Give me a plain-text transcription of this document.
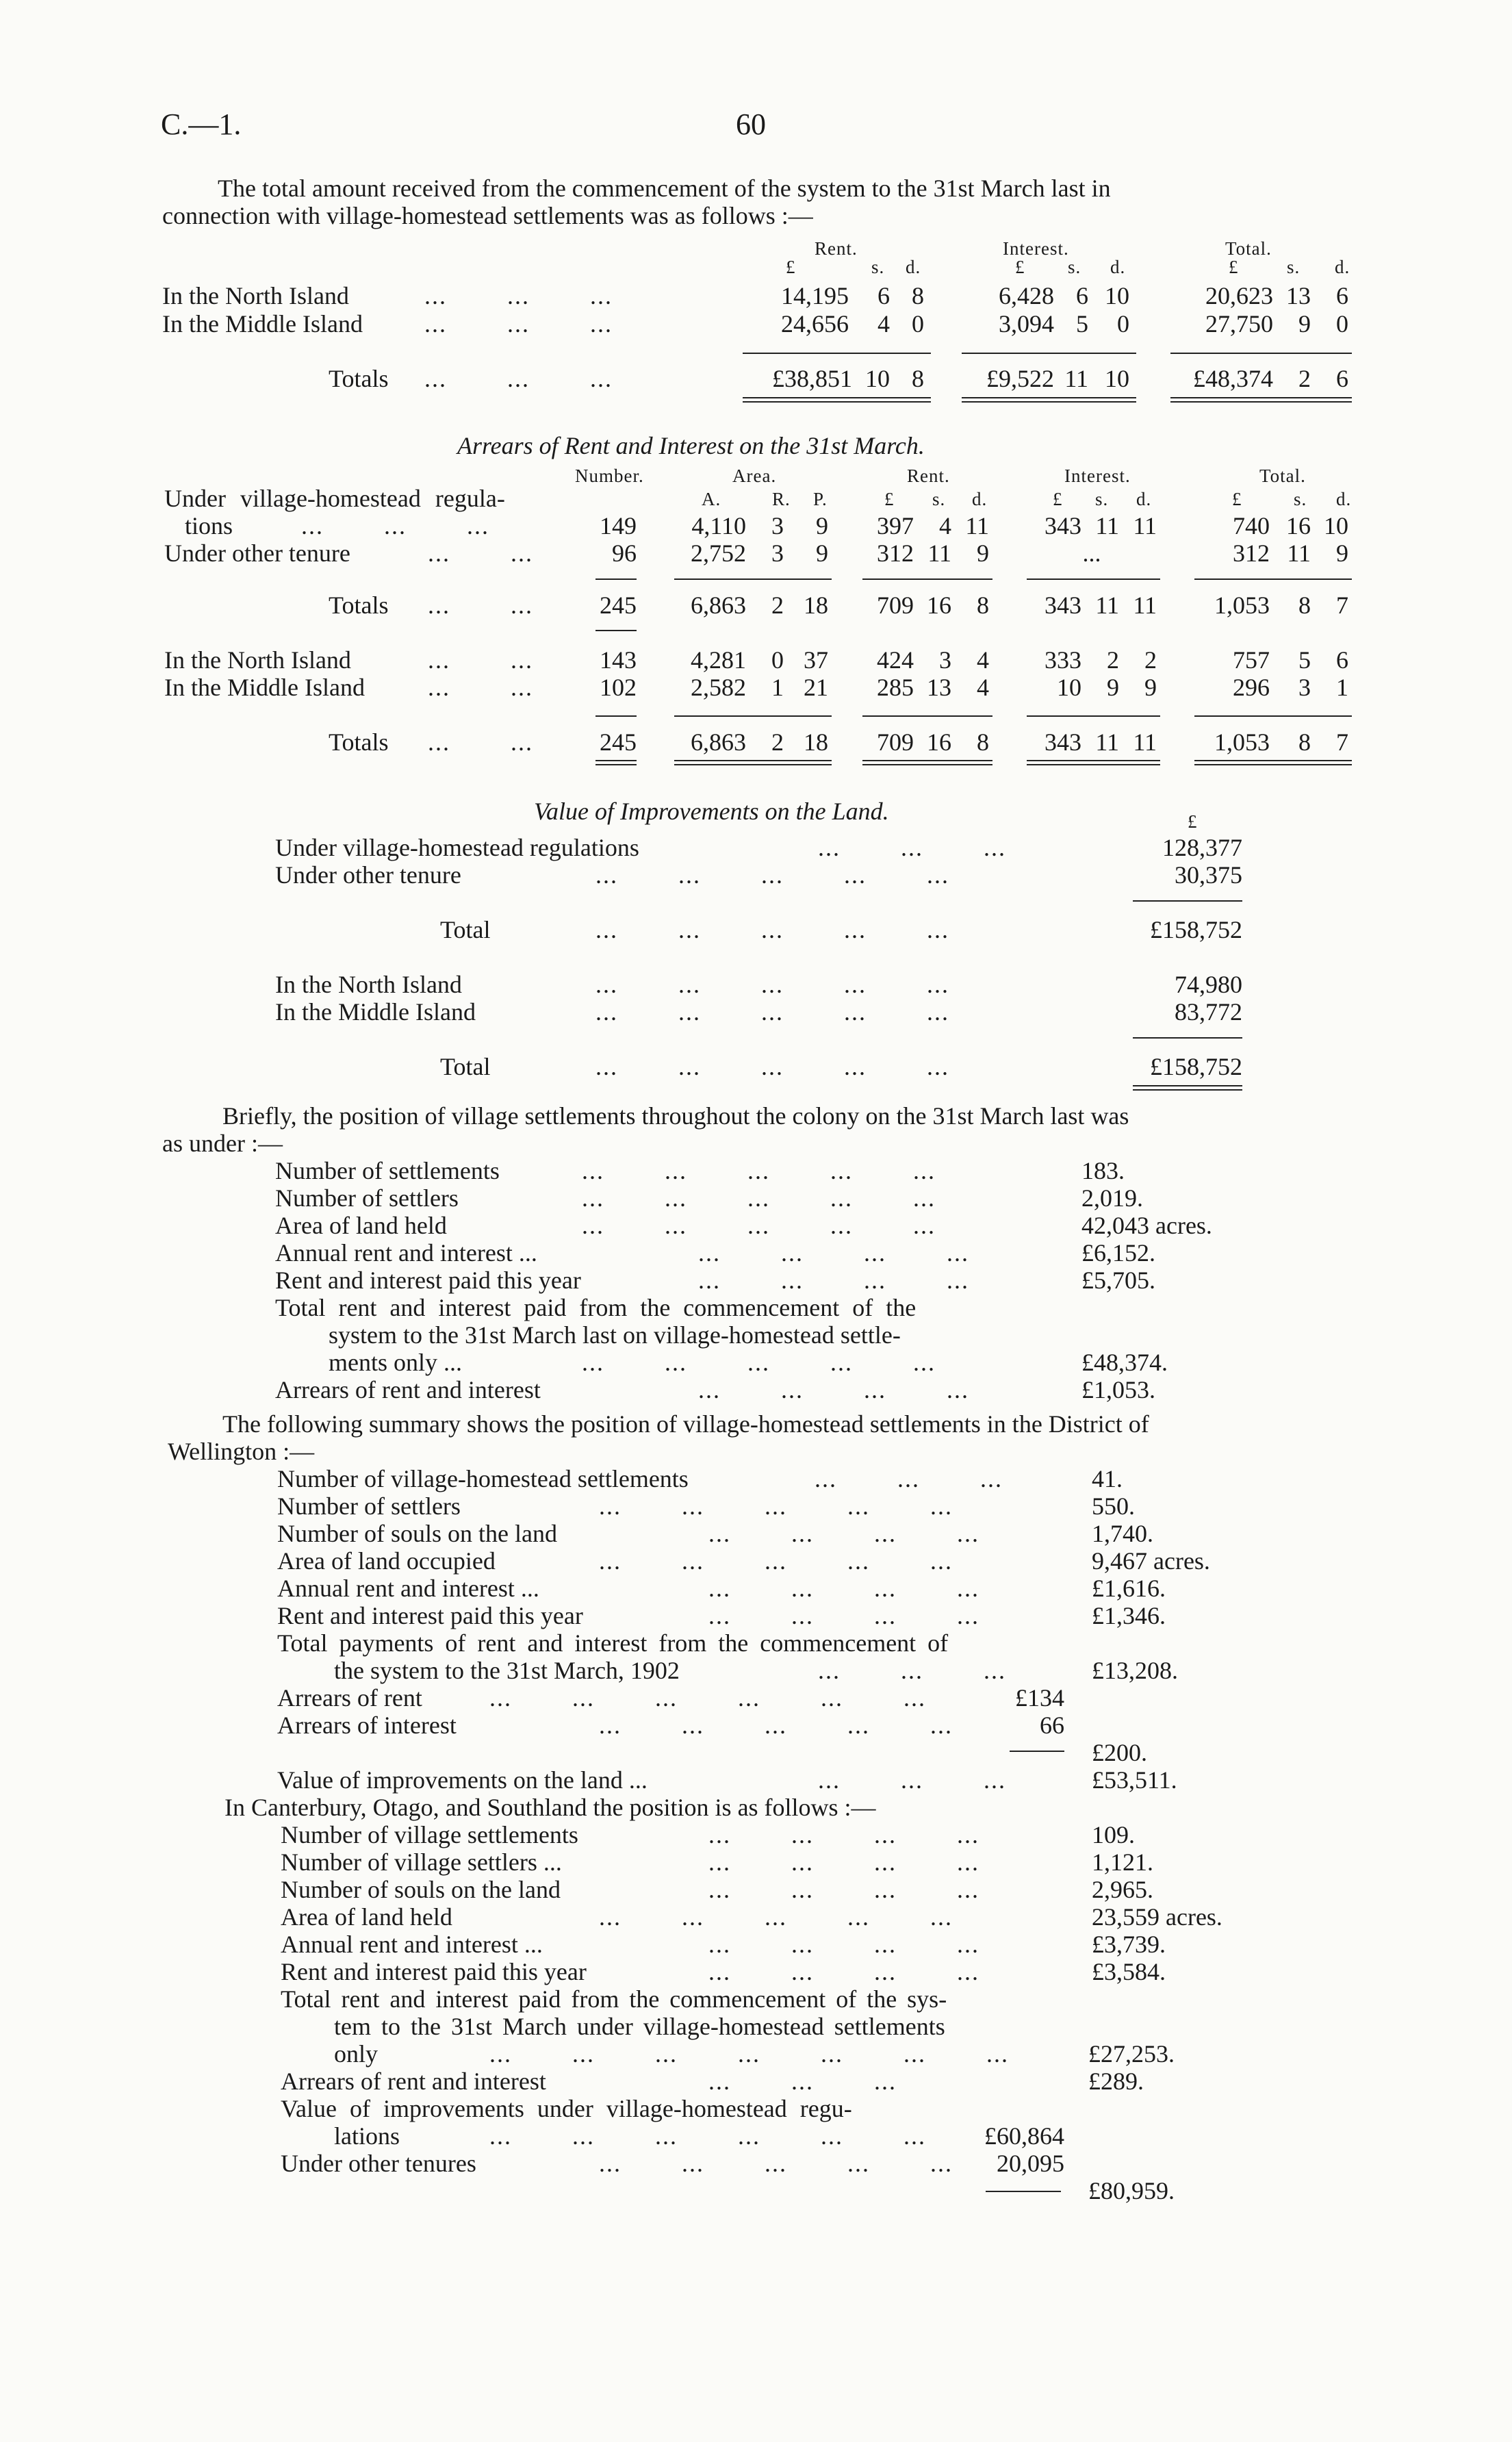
C.—1.	60
The total amount received from the commencement of the system to the 31st March last in
connection with village-homestead settlements was as follows :—
Rent.	Interest.	Total.
£	s. d.	£ s. d.	£	s. d.
In the North Island	...        ...        ...	14,195	6 8	6,428 6 10	20,623 13	6
In the Middle Island	...        ...        ...	24,656	4 0	3,094 5	0	27,750	9	0
Totals ...        ...        ...	£38,851 10 8	£9,522 11 10	£48,374	2	6
Arrears of Rent and Interest on the 31st March.
Number.	Area.	Rent.	Interest.	Total.
A.	R. P.	£ s. d.	£ s. d.	£	s. d.
Under village-homestead regula-
tions	...        ...        ...	149	4,110	3	9	397	4 11	343 11 11	740 16 10
Under other tenure	...        ...	96	2,752	3	9	312 11	9	...	312 11	9
Totals ...        ...	245	6,863	2 18	709 16	8	343 11 11	1,053	8	7
In the North Island	...        ...	143	4,281	0 37	424	3	4	333	2	2	757	5	6
In the Middle Island	...        ...	102	2,582	1 21	285 13	4	10	9	9	296	3	1
Totals ...        ...	245	6,863	2 18	709 16	8	343 11 11	1,053	8	7
Value of Improvements on the Land.	£
Under village-homestead regulations	...        ...        ...	128,377
Under other tenure	...        ...        ...        ...        ...	30,375
Total	...        ...        ...        ...        ...	£158,752
In the North Island	...        ...        ...        ...        ...	74,980
In the Middle Island	...        ...        ...        ...        ...	83,772
Total	...        ...        ...        ...        ...	£158,752
Briefly, the position of village settlements throughout the colony on the 31st March last was
as under :—
Number of settlements	...        ...        ...        ...        ...	183.
Number of settlers	...        ...        ...        ...        ...	2,019.
Area of land held	...        ...        ...        ...        ...	42,043 acres.
Annual rent and interest ...	...        ...        ...        ...	£6,152.
Rent and interest paid this year	...        ...        ...        ...	£5,705.
Total rent and interest paid from the commencement of the
system to the 31st March last on village-homestead settle-
ments only ...	...        ...        ...        ...        ...	£48,374.
Arrears of rent and interest	...        ...        ...        ...	£1,053.
The following summary shows the position of village-homestead settlements in the District of
Wellington :—
Number of village-homestead settlements	...        ...        ...	41.
Number of settlers	...        ...        ...        ...        ...	550.
Number of souls on the land	...        ...        ...        ...	1,740.
Area of land occupied	...        ...        ...        ...        ...	9,467 acres.
Annual rent and interest ...	...        ...        ...        ...	£1,616.
Rent and interest paid this year	...        ...        ...        ...	£1,346.
Total payments of rent and interest from the commencement of
the system to the 31st March, 1902	...        ...        ...	£13,208.
Arrears of rent	...        ...        ...        ...        ...        ...	£134
Arrears of interest	...        ...        ...        ...        ...	66
£200.
Value of improvements on the land ...	...        ...        ...	£53,511.
In Canterbury, Otago, and Southland the position is as follows :—
Number of village settlements	...        ...        ...        ...	109.
Number of village settlers ...	...        ...        ...        ...	1,121.
Number of souls on the land	...        ...        ...        ...	2,965.
Area of land held	...        ...        ...        ...        ...	23,559 acres.
Annual rent and interest ...	...        ...        ...        ...	£3,739.
Rent and interest paid this year	...        ...        ...        ...	£3,584.
Total rent and interest paid from the commencement of the sys-
tem to the 31st March under village-homestead settlements
only	...        ...        ...        ...        ...        ...        ...	£27,253.
Arrears of rent and interest	...        ...        ...	£289.
Value of improvements under village-homestead regu-
lations	...        ...        ...        ...        ...        ...	£60,864
Under other tenures	...        ...        ...        ...        ...	20,095
£80,959.
